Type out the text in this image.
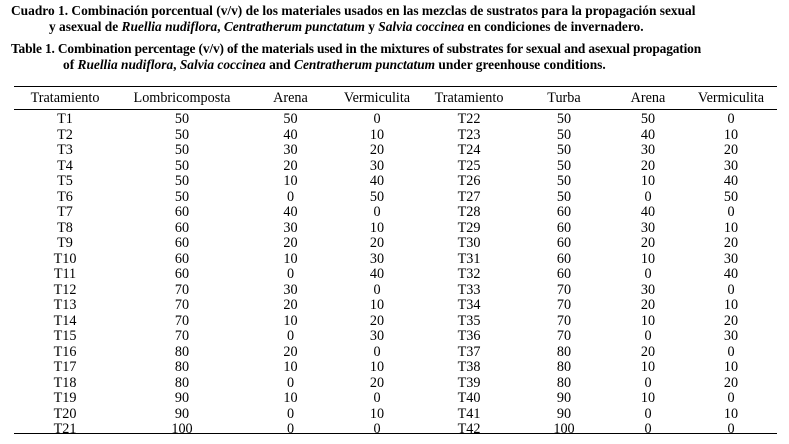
Cuadro 1. Combinación porcentual (v/v) de los materiales usados en las mezclas de sustratos para la propagación sexual
y asexual de Ruellia nudiflora, Centratherum punctatum y Salvia coccinea en condiciones de invernadero.
Table 1. Combination percentage (v/v) of the materials used in the mixtures of substrates for sexual and asexual propagation
of Ruellia nudiflora, Salvia coccinea and Centratherum punctatum under greenhouse conditions.
Tratamiento	Lombricomposta	Arena	Vermiculita	Tratamiento	Turba	Arena	Vermiculita
T1	50	50	0	T22	50	50	0
T2	50	40	10	T23	50	40	10
T3	50	30	20	T24	50	30	20
T4	50	20	30	T25	50	20	30
T5	50	10	40	T26	50	10	40
T6	50	0	50	T27	50	0	50
T7	60	40	0	T28	60	40	0
T8	60	30	10	T29	60	30	10
T9	60	20	20	T30	60	20	20
T10	60	10	30	T31	60	10	30
T11	60	0	40	T32	60	0	40
T12	70	30	0	T33	70	30	0
T13	70	20	10	T34	70	20	10
T14	70	10	20	T35	70	10	20
T15	70	0	30	T36	70	0	30
T16	80	20	0	T37	80	20	0
T17	80	10	10	T38	80	10	10
T18	80	0	20	T39	80	0	20
T19	90	10	0	T40	90	10	0
T20	90	0	10	T41	90	0	10
T21	100	0	0	T42	100	0	0
